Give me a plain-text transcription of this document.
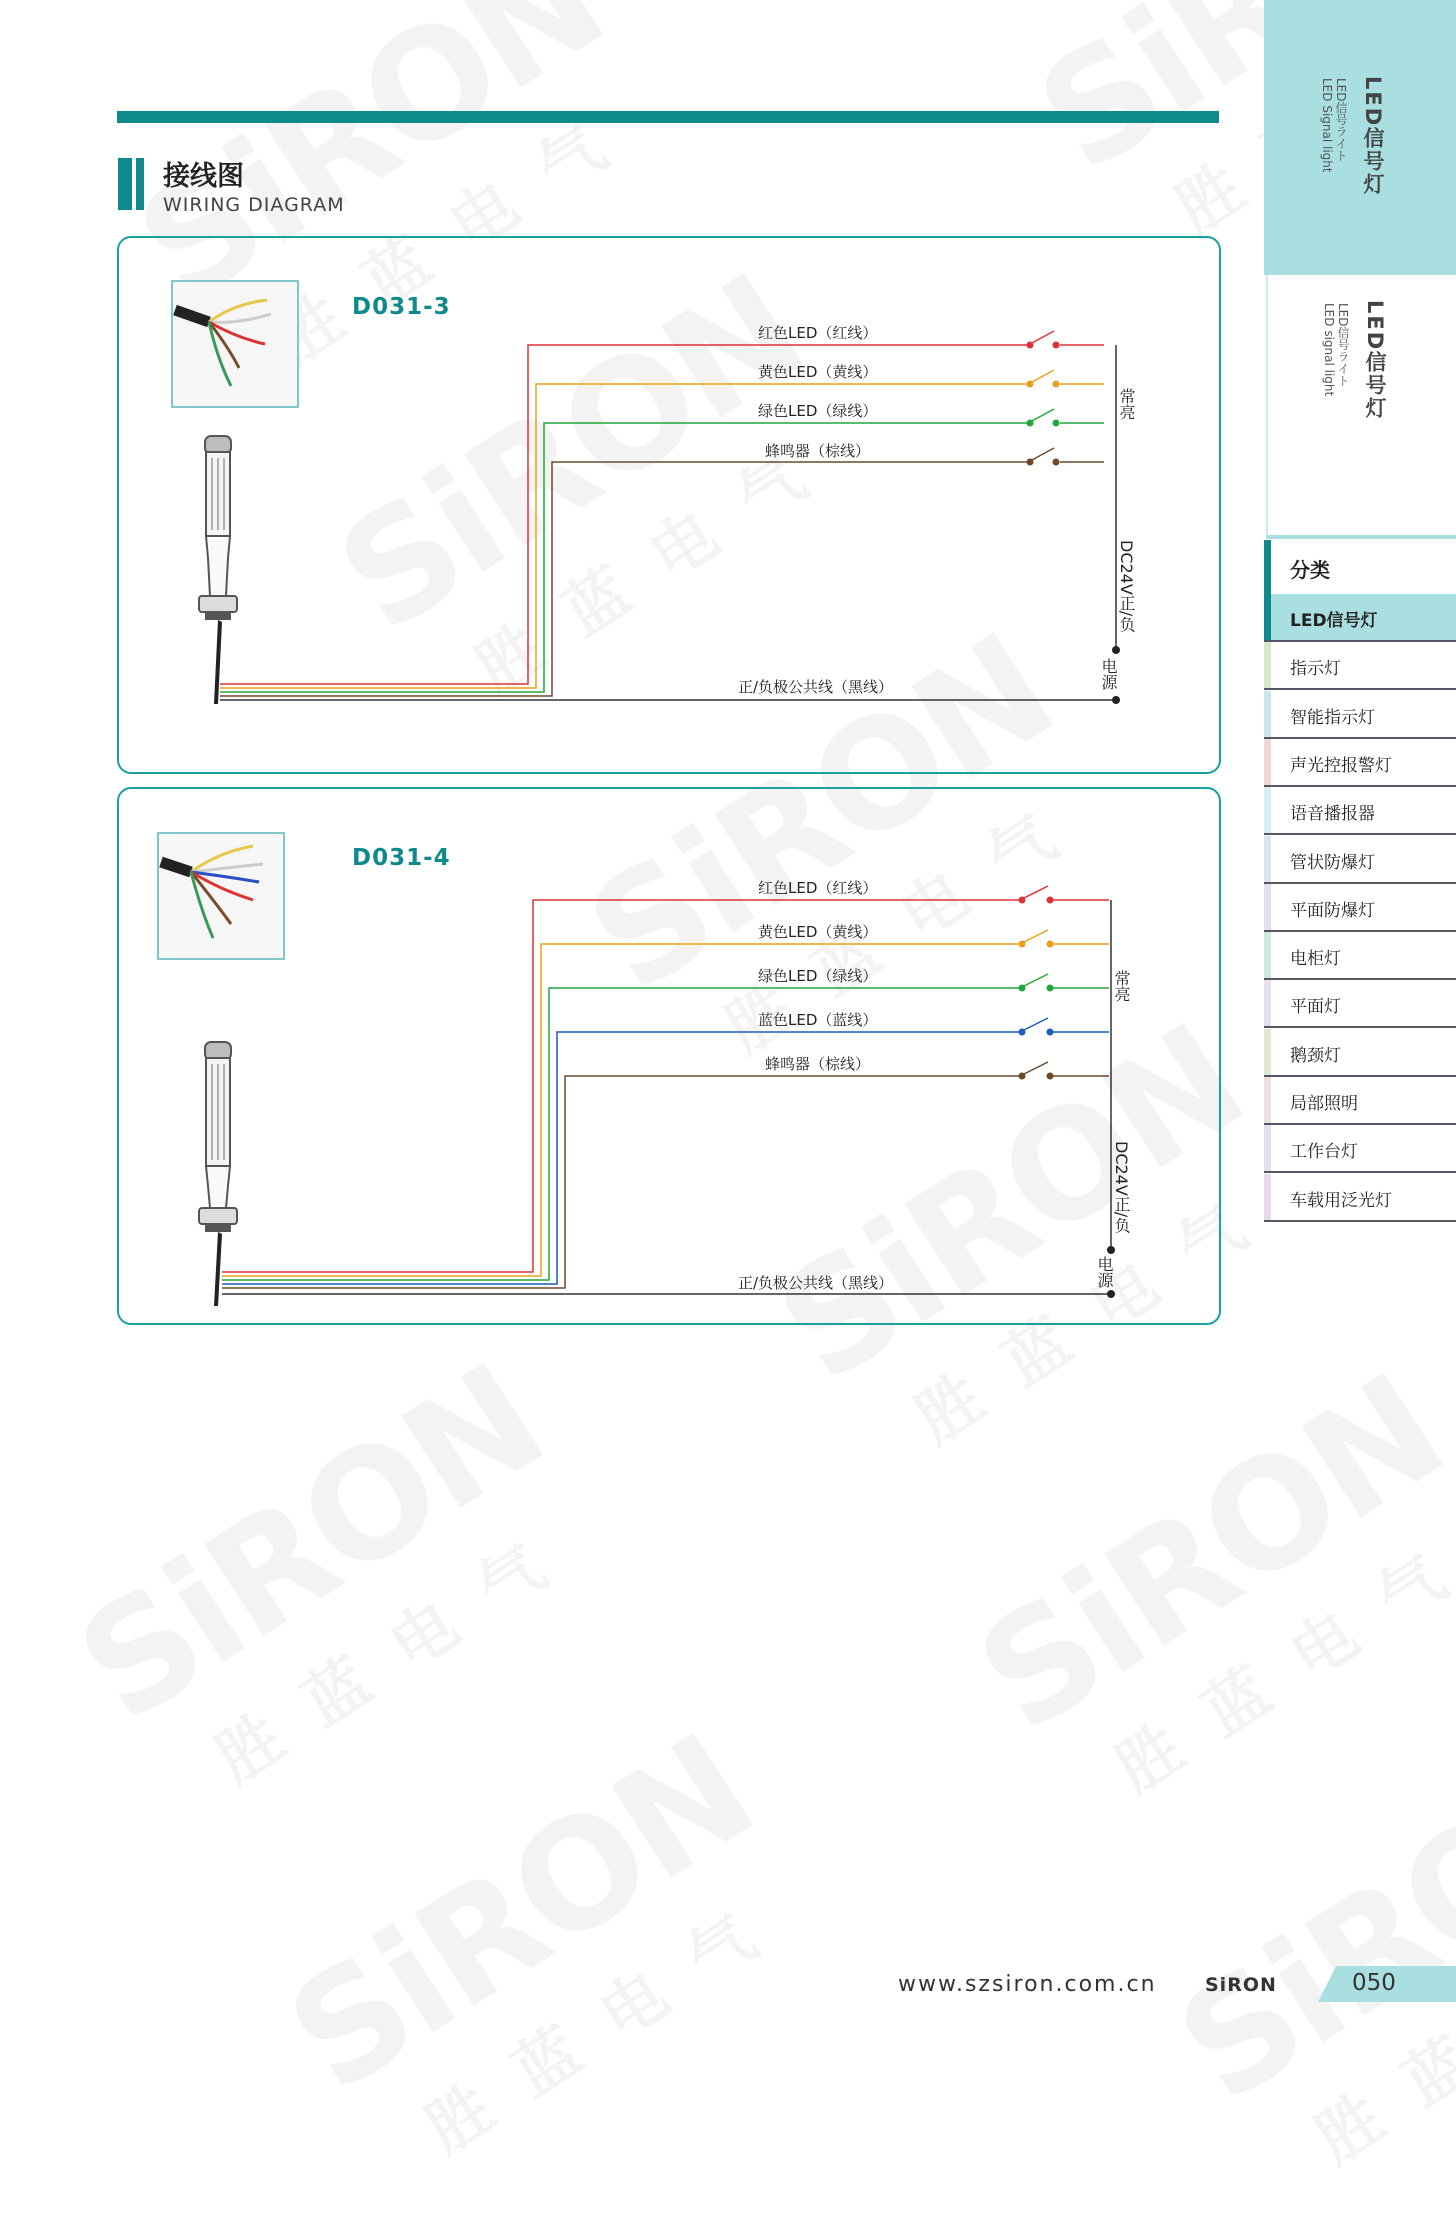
接线图
WIRING DIAGRAM
D031-3
红色LED（红线）
黄色LED（黄线）
绿色LED（绿线）
蜂鸣器（棕线）
正/负极公共线（黑线）
常亮
DC24V正/负
电源
D031-4
红色LED（红线）
黄色LED（黄线）
绿色LED（绿线）
蓝色LED（蓝线）
蜂鸣器（棕线）
正/负极公共线（黑线）
常亮
DC24V正/负
电源
LED信号灯
LED信号ライト
LED Signal light
LED信号灯
LED信号ライト
LED signal light
分类
LED信号灯
指示灯
智能指示灯
声光控报警灯
语音播报器
管状防爆灯
平面防爆灯
电柜灯
平面灯
鹅颈灯
局部照明
工作台灯
车载用泛光灯
www.szsiron.com.cn	SiRON	050
